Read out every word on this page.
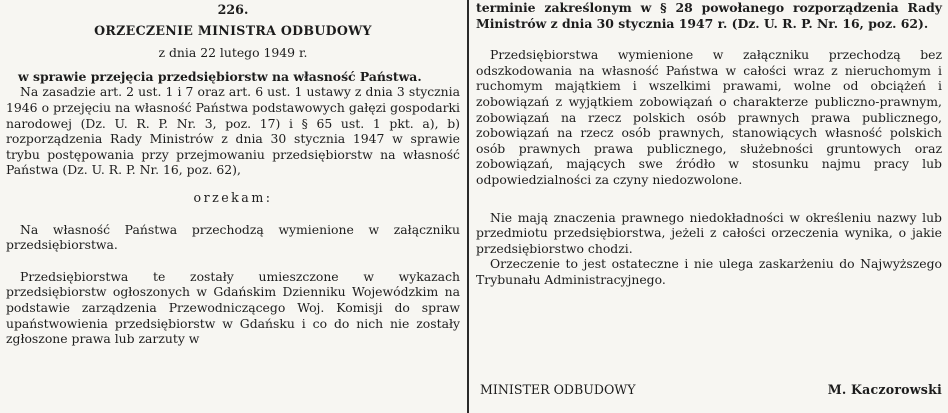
226.

ORZECZENIE MINISTRA ODBUDOWY

z dnia 22 lutego 1949 r.

w sprawie przejęcia przedsiębiorstw na własność Państwa.

Na zasadzie art. 2 ust. 1 i 7 oraz art. 6 ust. 1 ustawy z dnia 3 stycznia 1946 o przejęciu na własność Państwa podstawowych gałęzi gospodarki narodowej (Dz. U. R. P. Nr. 3, poz. 17) i § 65 ust. 1 pkt. a), b) rozporządzenia Rady Ministrów z dnia 30 stycznia 1947 w sprawie trybu postępowania przy przejmowaniu przedsiębiorstw na własność Państwa (Dz. U. R. P. Nr. 16, poz. 62),

orzekam:

Na własność Państwa przechodzą wymienione w załączniku przedsiębiorstwa.

Przedsiębiorstwa te zostały umieszczone w wykazach przedsiębiorstw ogłoszonych w Gdańskim Dzienniku Wojewódzkim na podstawie zarządzenia Przewodniczącego Woj. Komisji do spraw upaństwowienia przedsiębiorstw w Gdańsku i co do nich nie zostały zgłoszone prawa lub zarzuty w

terminie zakreślonym w § 28 powołanego rozporządzenia Rady Ministrów z dnia 30 stycznia 1947 r. (Dz. U. R. P. Nr. 16, poz. 62).

Przedsiębiorstwa wymienione w załączniku przechodzą bez odszkodowania na własność Państwa w całości wraz z nieruchomym i ruchomym majątkiem i wszelkimi prawami, wolne od obciążeń i zobowiązań z wyjątkiem zobowiązań o charakterze publiczno-prawnym, zobowiązań na rzecz polskich osób prawnych prawa publicznego, zobowiązań na rzecz osób prawnych, stanowiących własność polskich osób prawnych prawa publicznego, służebności gruntowych oraz zobowiązań, mających swe źródło w stosunku najmu pracy lub odpowiedzialności za czyny niedozwolone.

Nie mają znaczenia prawnego niedokładności w określeniu nazwy lub przedmiotu przedsiębiorstwa, jeżeli z całości orzeczenia wynika, o jakie przedsiębiorstwo chodzi.

Orzeczenie to jest ostateczne i nie ulega zaskarżeniu do Najwyższego Trybunału Administracyjnego.

MINISTER ODBUDOWY	M. Kaczorowski
